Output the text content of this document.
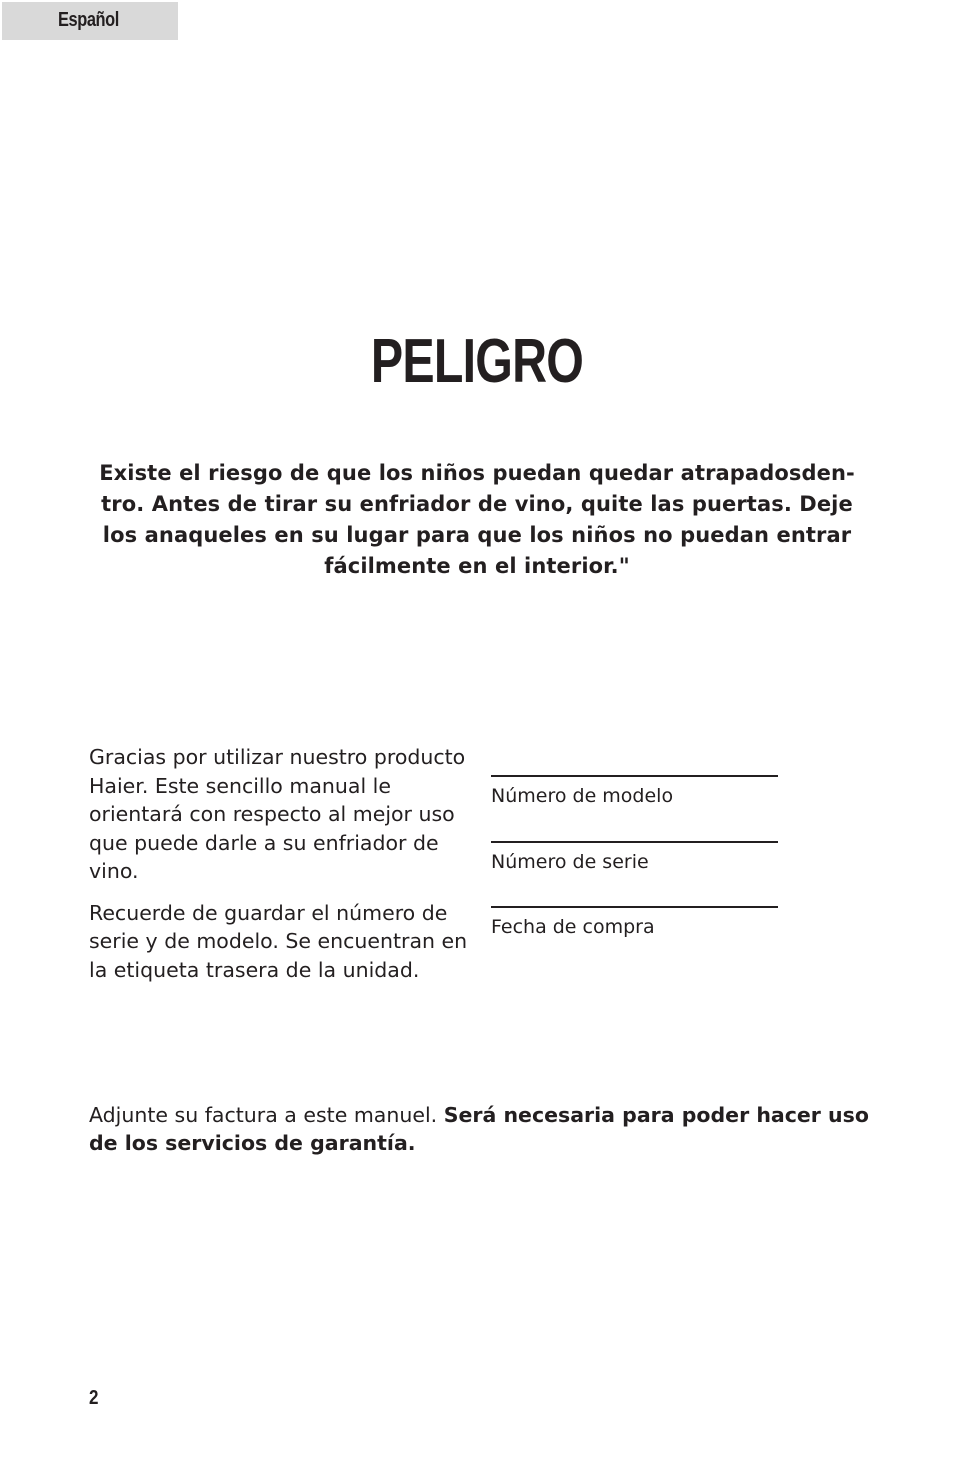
Español
PELIGRO
Existe el riesgo de que los niños puedan quedar atrapadosden- tro. Antes de tirar su enfriador de vino, quite las puertas. Deje los anaqueles en su lugar para que los niños no puedan entrar fácilmente en el interior."

Gracias por utilizar nuestro producto Haier. Este sencillo manual le orientará con respecto al mejor uso que puede darle a su enfriador de vino.

Recuerde de guardar el número de serie y de modelo. Se encuentran en la etiqueta trasera de la unidad.

Número de modelo
Número de serie
Fecha de compra
Adjunte su factura a este manuel. Será necesaria para poder hacer uso de los servicios de garantía.
2
